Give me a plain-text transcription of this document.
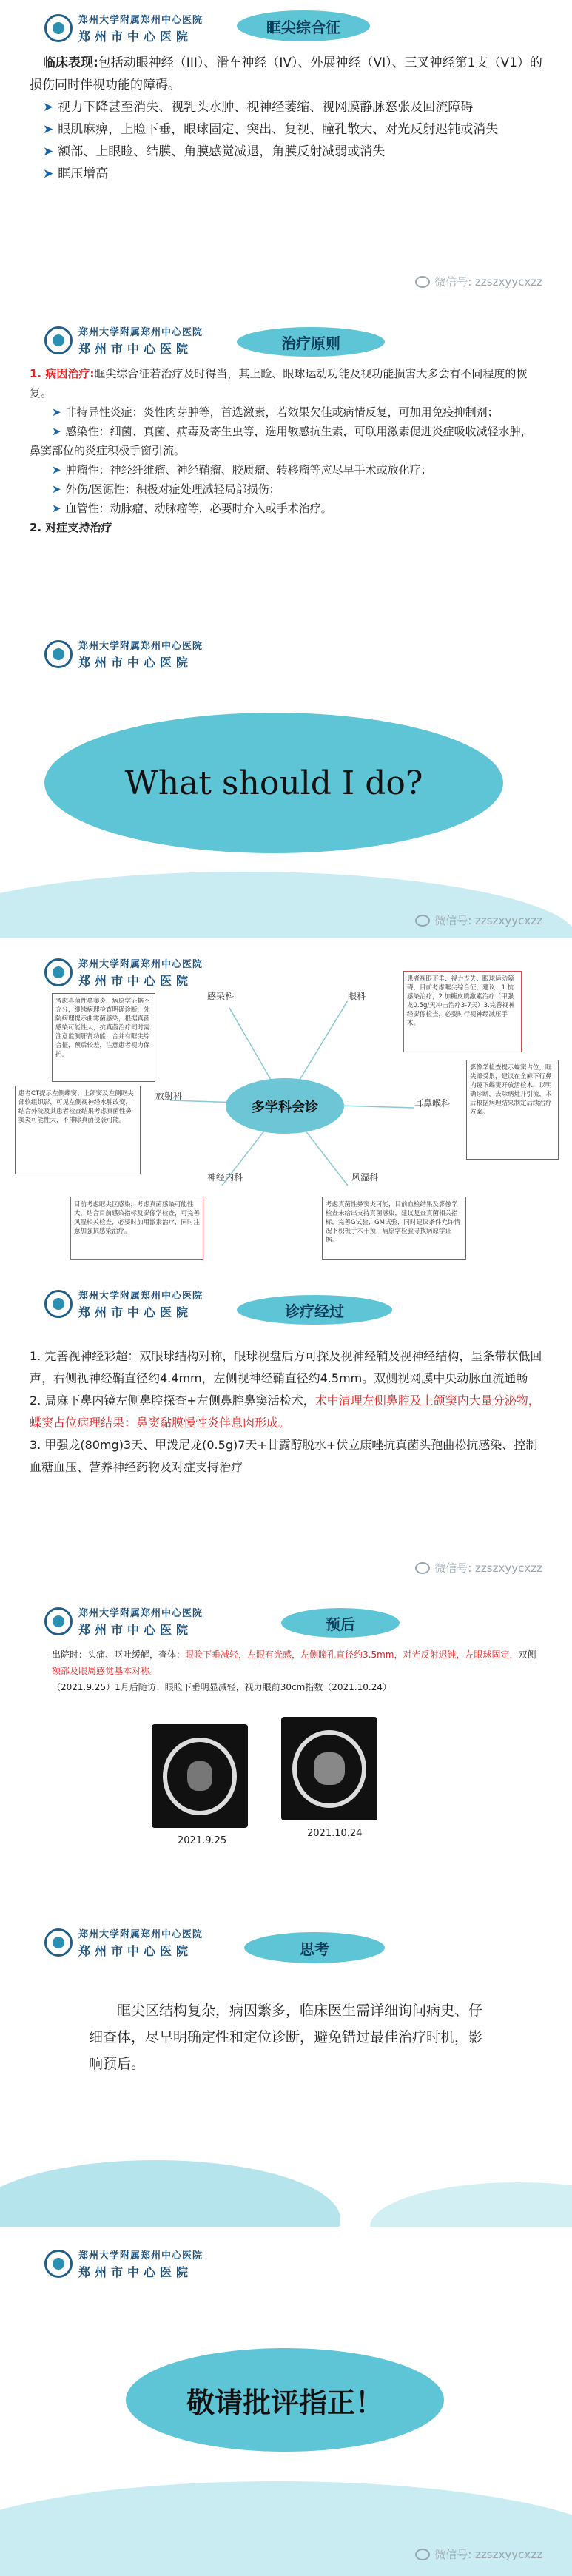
郑州大学附属郑州中心医院
郑州市中心医院
眶尖综合征
临床表现:包括动眼神经（III）、滑车神经（IV）、外展神经（VI）、三叉神经第1支（V1）的损伤同时伴视功能的障碍。
➤ 视力下降甚至消失、视乳头水肿、视神经萎缩、视网膜静脉怒张及回流障碍
➤ 眼肌麻痹，上睑下垂，眼球固定、突出、复视、瞳孔散大、对光反射迟钝或消失
➤ 额部、上眼睑、结膜、角膜感觉减退，角膜反射减弱或消失
➤ 眶压增高
微信号: zzszxyycxzz
郑州大学附属郑州中心医院
郑州市中心医院	治疗原则
1. 病因治疗:眶尖综合征若治疗及时得当，其上睑、眼球运动功能及视功能损害大多会有不同程度的恢复。
➤ 非特异性炎症：炎性肉芽肿等，首选激素，若效果欠佳或病情反复，可加用免疫抑制剂；
➤ 感染性：细菌、真菌、病毒及寄生虫等，选用敏感抗生素，可联用激素促进炎症吸收减轻水肿，鼻窦部位的炎症积极手窗引流。
➤ 肿瘤性：神经纤维瘤、神经鞘瘤、胶质瘤、转移瘤等应尽早手术或放化疗；
➤ 外伤/医源性：积极对症处理减轻局部损伤；
➤ 血管性：动脉瘤、动脉瘤等，必要时介入或手术治疗。
2. 对症支持治疗
郑州大学附属郑州中心医院
郑州市中心医院
What should I do?
微信号: zzszxyycxzz
郑州大学附属郑州中心医院
郑州市中心医院
多学科会诊
感染科	眼科
耳鼻喉科
放射科
神经内科	风湿科
考虑真菌性鼻窦炎，病原学证据不充分，继续病理检查明确诊断，外院病理提示曲霉菌感染，根据真菌感染可能性大，抗真菌治疗同时需注意监测肝肾功能，合并有眶尖综合征，预后较差，注意患者视力保护。
患者视眼下垂、视力丧失、眼球运动障碍，目前考虑眶尖综合征，建议：1.抗感染治疗，2.加糖皮质激素治疗（甲强龙0.5g/天冲击治疗3-7天）3.完善视神经影像检查，必要时行视神经减压手术。
影像学检查提示蝶窦占位，眶尖部受累，建议在全麻下行鼻内镜下蝶窦开放活检术，以明确诊断，去除病灶并引流，术后根据病理结果制定后续治疗方案。
患者CT提示左侧蝶窦、上颌窦及左侧眶尖部软组织影，可见左侧视神经水肿改变，结合外院及其患者检查结果考虑真菌性鼻窦炎可能性大，不排除真菌侵袭可能。
目前考虑眶尖区感染，考虑真菌感染可能性大，结合目前感染指标及影像学检查，可完善风湿相关检查，必要时加用激素治疗，同时注意加强抗感染治疗。
考虑真菌性鼻窦炎可能，目前血检结果及影像学检查未给出支持真菌感染，建议复查真菌相关指标，完善G试验、GM试验，同时建议条件允许情况下积极手术干预，病原学检验寻找病原学证据。
郑州大学附属郑州中心医院
郑州市中心医院	诊疗经过
1. 完善视神经彩超：双眼球结构对称，眼球视盘后方可探及视神经鞘及视神经结构，呈条带状低回声，右侧视神经鞘直径约4.4mm，左侧视神经鞘直径约4.5mm。双侧视网膜中央动脉血流通畅
2. 局麻下鼻内镜左侧鼻腔探查+左侧鼻腔鼻窦活检术，术中清理左侧鼻腔及上颌窦内大量分泌物，蝶窦占位病理结果：鼻窦黏膜慢性炎伴息肉形成。
3. 甲强龙(80mg)3天、甲泼尼龙(0.5g)7天+甘露醇脱水+伏立康唑抗真菌头孢曲松抗感染、控制血糖血压、营养神经药物及对症支持治疗
微信号: zzszxyycxzz
郑州大学附属郑州中心医院
郑州市中心医院	预后
出院时：头痛、呕吐缓解，查体：眼睑下垂减轻，左眼有光感，左侧瞳孔直径约3.5mm，对光反射迟钝，左眼球固定，双侧额部及眼周感觉基本对称。
（2021.9.25）1月后随访：眼睑下垂明显减轻，视力眼前30cm指数（2021.10.24）
2021.9.25
2021.10.24
郑州大学附属郑州中心医院
郑州市中心医院	思考
眶尖区结构复杂，病因繁多，临床医生需详细询问病史、仔细查体，尽早明确定性和定位诊断，避免错过最佳治疗时机，影响预后。
郑州大学附属郑州中心医院
郑州市中心医院
敬请批评指正！
微信号: zzszxyycxzz
